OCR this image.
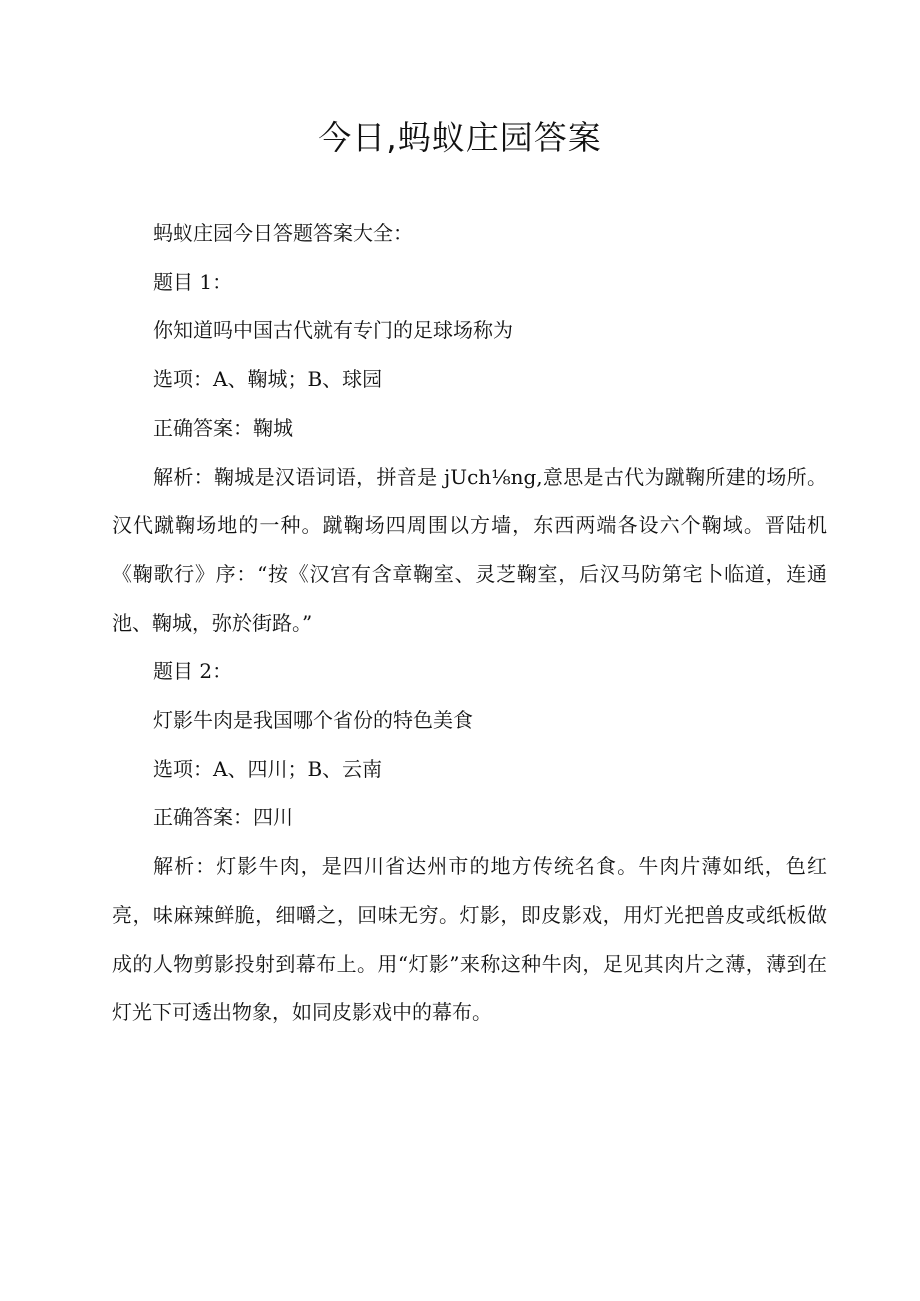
今日,蚂蚁庄园答案

蚂蚁庄园今日答题答案大全：

题目 1：

你知道吗中国古代就有专门的足球场称为

选项：A、鞠城；B、球园

正确答案：鞠城

解析：鞠城是汉语词语，拼音是 jUch⅛ng,意思是古代为蹴鞠所建的场所。汉代蹴鞠场地的一种。蹴鞠场四周围以方墙，东西两端各设六个鞠域。晋陆机《鞠歌行》序：“按《汉宫有含章鞠室、灵芝鞠室，后汉马防第宅卜临道，连通池、鞠城，弥於街路。”

题目 2：

灯影牛肉是我国哪个省份的特色美食

选项：A、四川；B、云南

正确答案：四川

解析：灯影牛肉，是四川省达州市的地方传统名食。牛肉片薄如纸，色红亮，味麻辣鲜脆，细嚼之，回味无穷。灯影，即皮影戏，用灯光把兽皮或纸板做成的人物剪影投射到幕布上。用“灯影”来称这种牛肉，足见其肉片之薄，薄到在灯光下可透出物象，如同皮影戏中的幕布。
